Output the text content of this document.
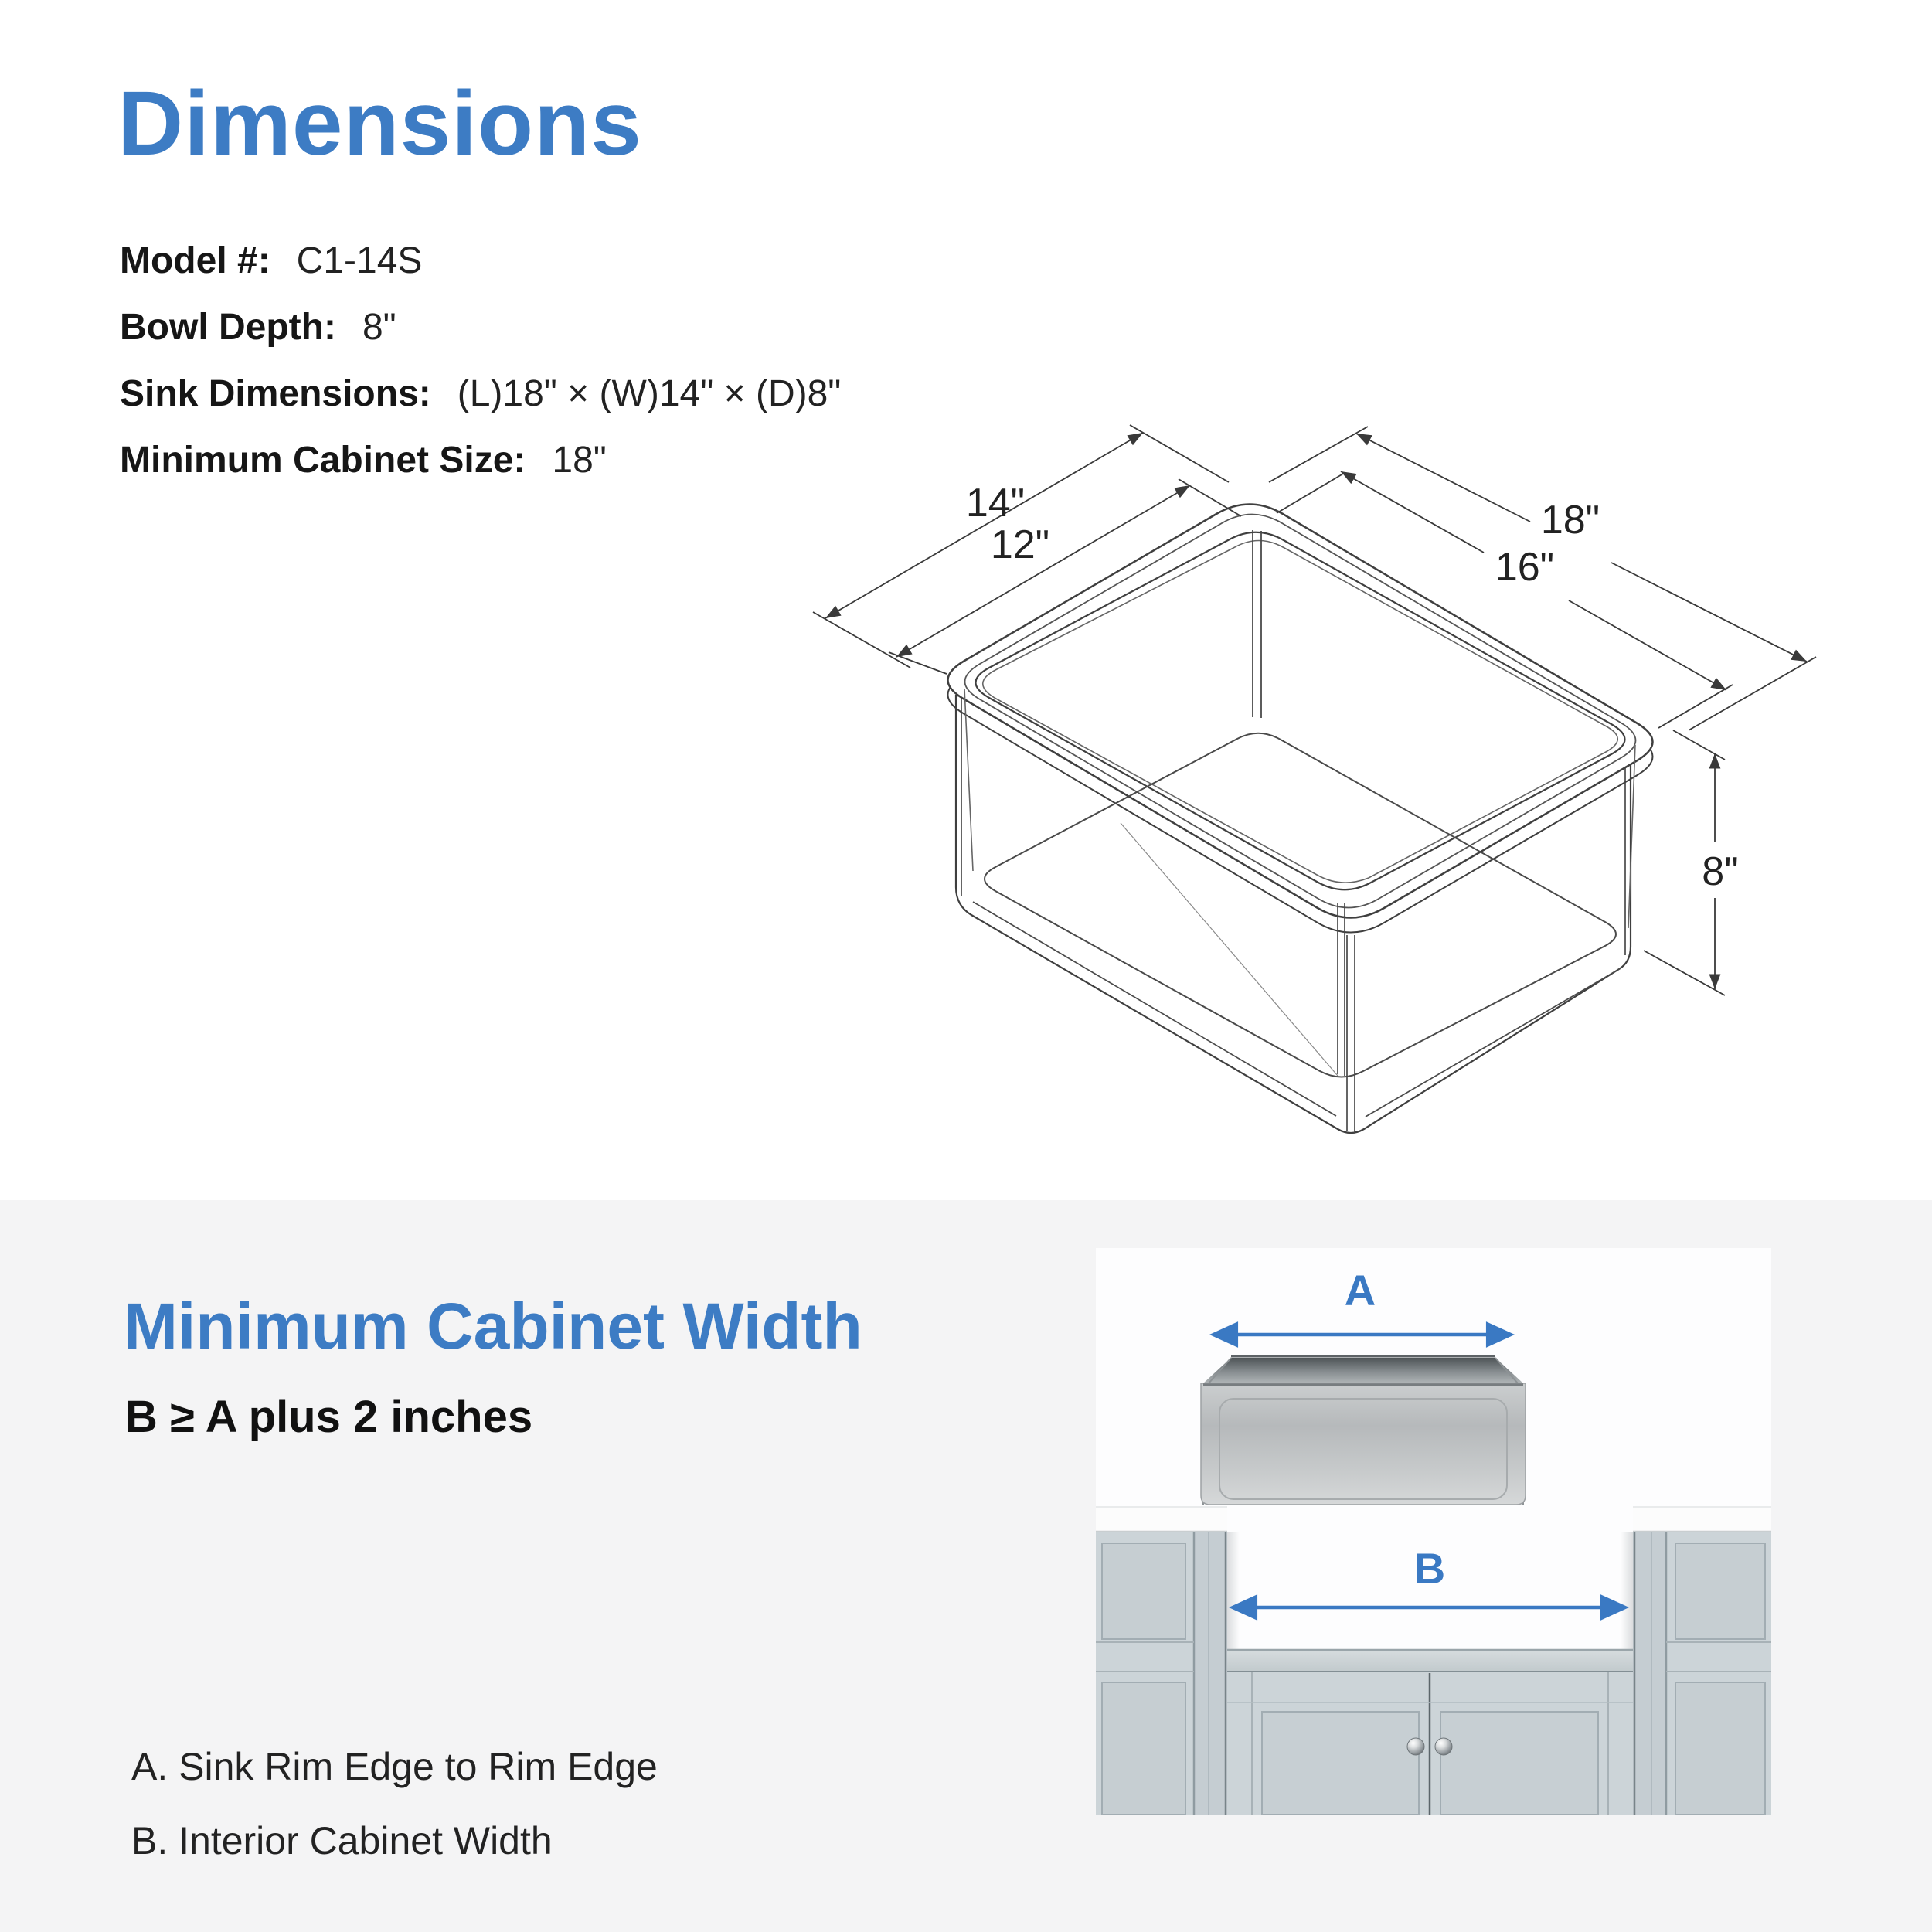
Dimensions
Model #: C1-14S
Bowl Depth: 8"
Sink Dimensions: (L)18" × (W)14" × (D)8"
Minimum Cabinet Size: 18"
14"
12"
18"
16"
8"
Minimum Cabinet Width
B ≥ A plus 2 inches
A. Sink Rim Edge to Rim Edge
B. Interior Cabinet Width
A
B
